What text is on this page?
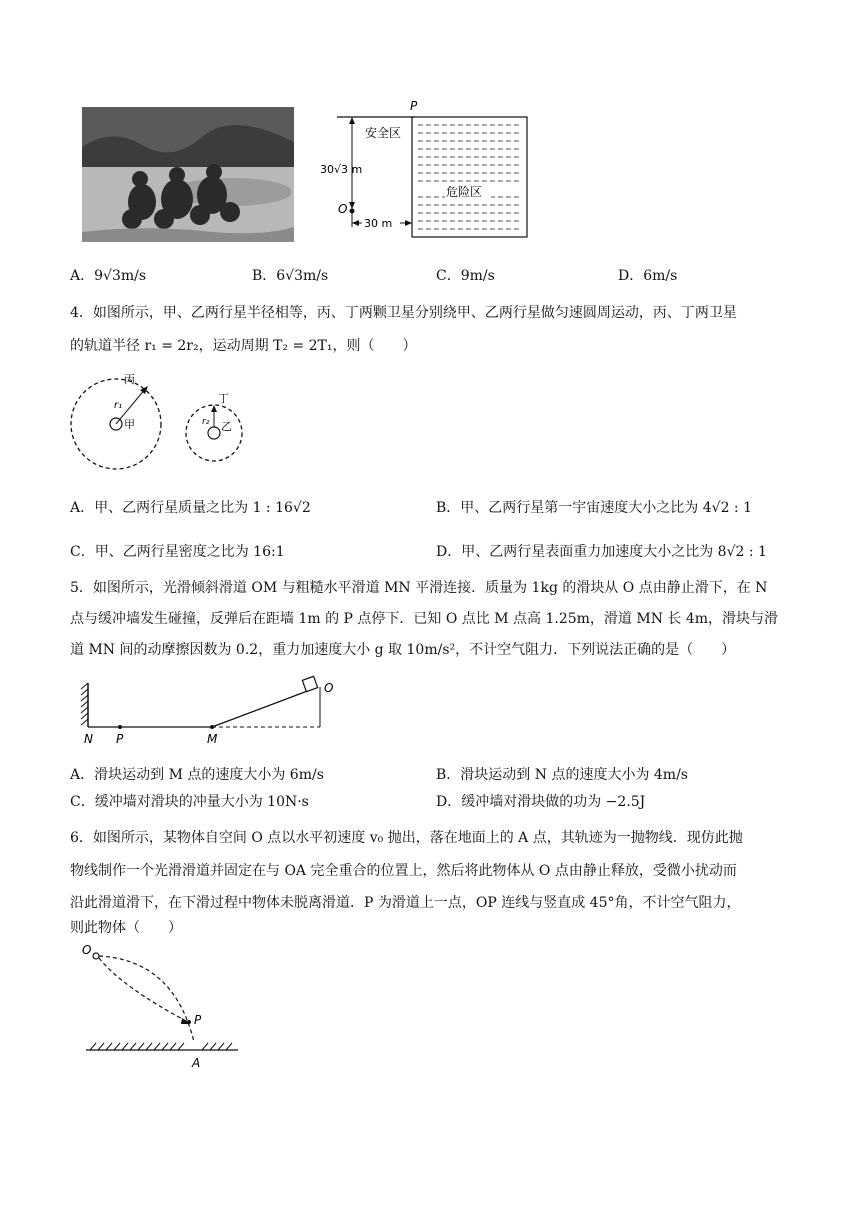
P
安全区
危险区
30√3 m
O
30 m
A．9√3m/s	B．6√3m/s	C．9m/s	D．6m/s
4．如图所示，甲、乙两行星半径相等，丙、丁两颗卫星分别绕甲、乙两行星做匀速圆周运动，丙、丁两卫星
的轨道半径 r₁ = 2r₂，运动周期 T₂ = 2T₁，则（　　）
丙
r₁
甲
丁
r₂ 乙
A．甲、乙两行星质量之比为 1 : 16√2	B．甲、乙两行星第一宇宙速度大小之比为 4√2 : 1
C．甲、乙两行星密度之比为 16:1	D．甲、乙两行星表面重力加速度大小之比为 8√2 : 1
5．如图所示，光滑倾斜滑道 OM 与粗糙水平滑道 MN 平滑连接．质量为 1kg 的滑块从 O 点由静止滑下，在 N
点与缓冲墙发生碰撞，反弹后在距墙 1m 的 P 点停下．已知 O 点比 M 点高 1.25m，滑道 MN 长 4m，滑块与滑
道 MN 间的动摩擦因数为 0.2，重力加速度大小 g 取 10m/s²，不计空气阻力．下列说法正确的是（　　）
N P	M
O
A．滑块运动到 M 点的速度大小为 6m/s	B．滑块运动到 N 点的速度大小为 4m/s
C．缓冲墙对滑块的冲量大小为 10N·s	D．缓冲墙对滑块做的功为 −2.5J
6．如图所示，某物体自空间 O 点以水平初速度 v₀ 抛出，落在地面上的 A 点，其轨迹为一抛物线．现仿此抛
物线制作一个光滑滑道并固定在与 OA 完全重合的位置上，然后将此物体从 O 点由静止释放，受微小扰动而
沿此滑道滑下，在下滑过程中物体未脱离滑道．P 为滑道上一点，OP 连线与竖直成 45°角，不计空气阻力，
则此物体（　　）
O
P
A
